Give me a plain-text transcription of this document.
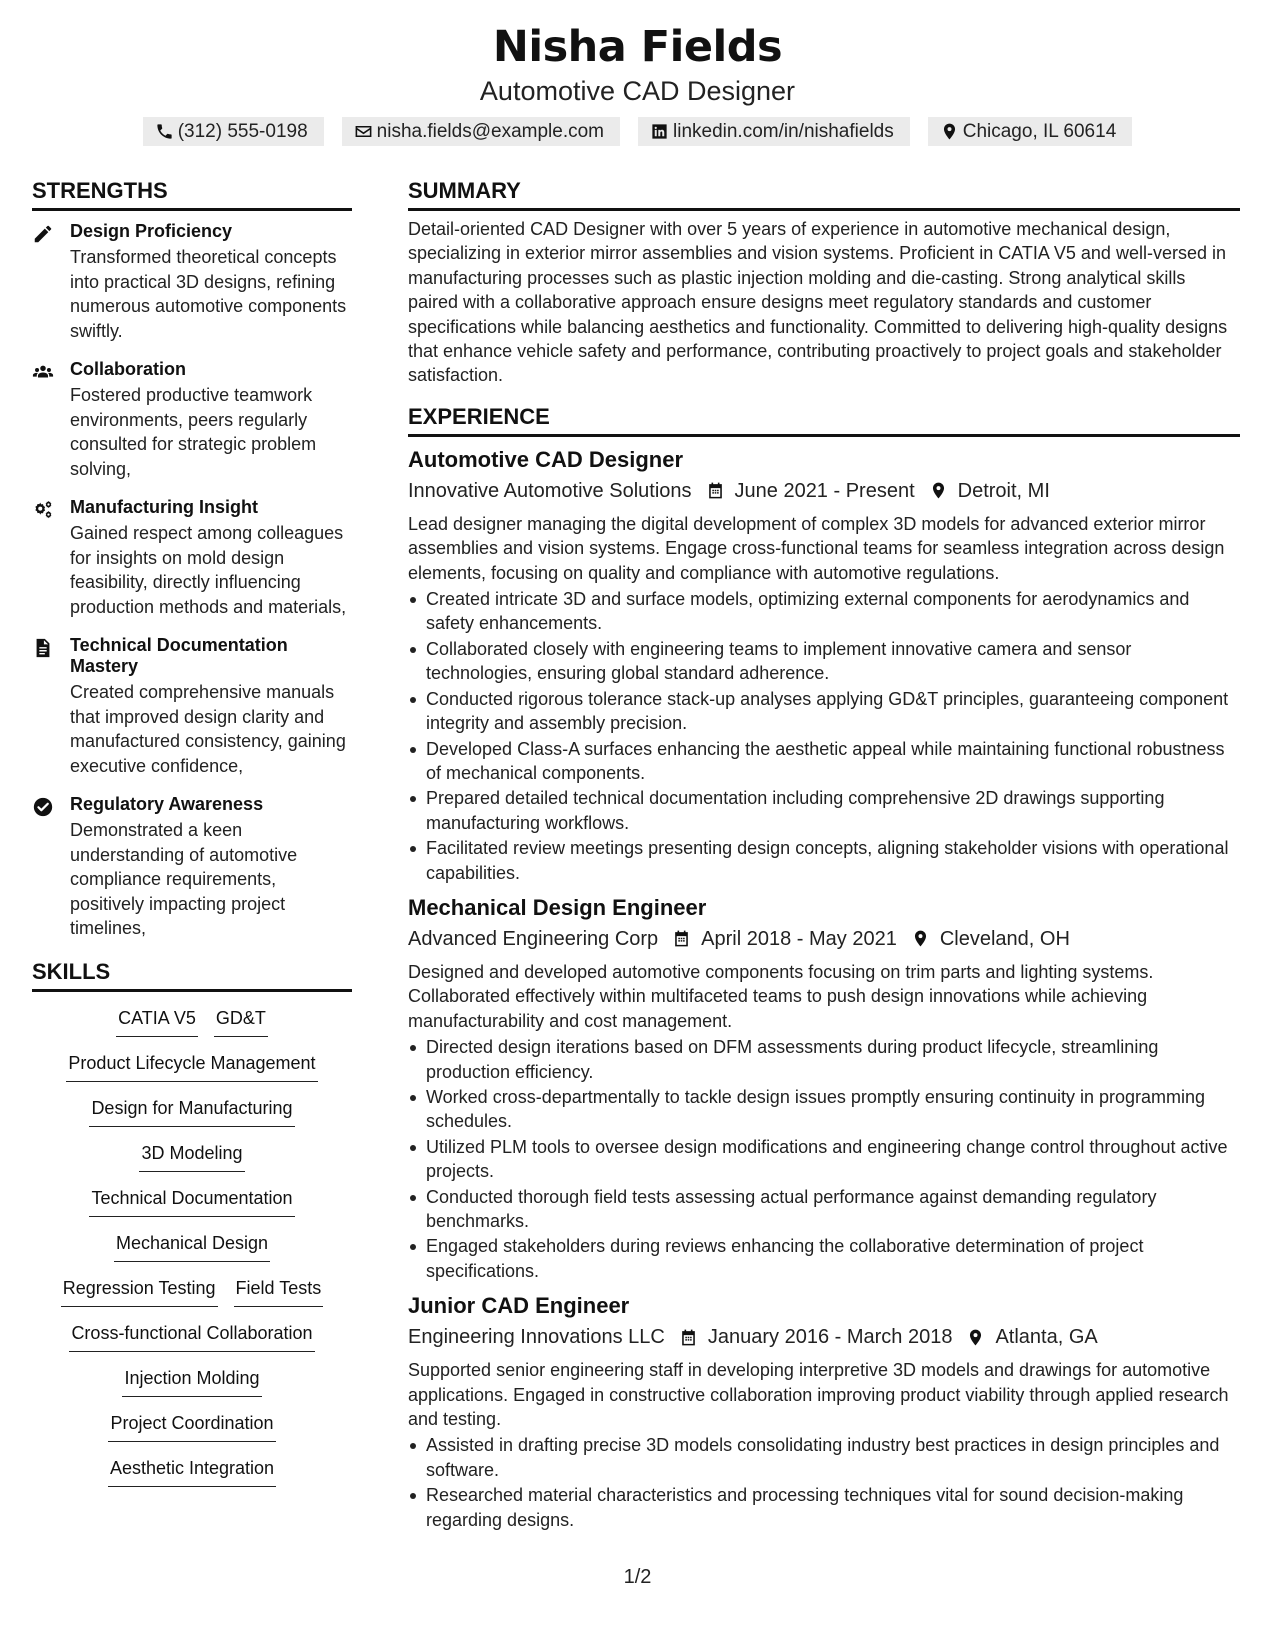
Nisha Fields
Automotive CAD Designer
(312) 555-0198	nisha.fields@example.com	linkedin.com/in/nishafields	Chicago, IL 60614
STRENGTHS
Design Proficiency
Transformed theoretical concepts into practical 3D designs, refining numerous automotive components swiftly.
Collaboration
Fostered productive teamwork environments, peers regularly consulted for strategic problem solving,
Manufacturing Insight
Gained respect among colleagues for insights on mold design feasibility, directly influencing production methods and materials,
Technical Documentation Mastery
Created comprehensive manuals that improved design clarity and manufactured consistency, gaining executive confidence,
Regulatory Awareness
Demonstrated a keen understanding of automotive compliance requirements, positively impacting project timelines,
SKILLS
CATIA V5 GD&T
Product Lifecycle Management
Design for Manufacturing
3D Modeling
Technical Documentation
Mechanical Design
Regression Testing Field Tests
Cross-functional Collaboration
Injection Molding
Project Coordination
Aesthetic Integration
SUMMARY
Detail-oriented CAD Designer with over 5 years of experience in automotive mechanical design, specializing in exterior mirror assemblies and vision systems. Proficient in CATIA V5 and well-versed in manufacturing processes such as plastic injection molding and die-casting. Strong analytical skills paired with a collaborative approach ensure designs meet regulatory standards and customer specifications while balancing aesthetics and functionality. Committed to delivering high-quality designs that enhance vehicle safety and performance, contributing proactively to project goals and stakeholder satisfaction.
EXPERIENCE
Automotive CAD Designer
Innovative Automotive Solutions June 2021 - Present Detroit, MI
Lead designer managing the digital development of complex 3D models for advanced exterior mirror assemblies and vision systems. Engage cross-functional teams for seamless integration across design elements, focusing on quality and compliance with automotive regulations.
Created intricate 3D and surface models, optimizing external components for aerodynamics and safety enhancements.
Collaborated closely with engineering teams to implement innovative camera and sensor technologies, ensuring global standard adherence.
Conducted rigorous tolerance stack-up analyses applying GD&T principles, guaranteeing component integrity and assembly precision.
Developed Class-A surfaces enhancing the aesthetic appeal while maintaining functional robustness of mechanical components.
Prepared detailed technical documentation including comprehensive 2D drawings supporting manufacturing workflows.
Facilitated review meetings presenting design concepts, aligning stakeholder visions with operational capabilities.
Mechanical Design Engineer
Advanced Engineering Corp April 2018 - May 2021 Cleveland, OH
Designed and developed automotive components focusing on trim parts and lighting systems. Collaborated effectively within multifaceted teams to push design innovations while achieving manufacturability and cost management.
Directed design iterations based on DFM assessments during product lifecycle, streamlining production efficiency.
Worked cross-departmentally to tackle design issues promptly ensuring continuity in programming schedules.
Utilized PLM tools to oversee design modifications and engineering change control throughout active projects.
Conducted thorough field tests assessing actual performance against demanding regulatory benchmarks.
Engaged stakeholders during reviews enhancing the collaborative determination of project specifications.
Junior CAD Engineer
Engineering Innovations LLC January 2016 - March 2018 Atlanta, GA
Supported senior engineering staff in developing interpretive 3D models and drawings for automotive applications. Engaged in constructive collaboration improving product viability through applied research and testing.
Assisted in drafting precise 3D models consolidating industry best practices in design principles and software.
Researched material characteristics and processing techniques vital for sound decision-making regarding designs.
1/2
